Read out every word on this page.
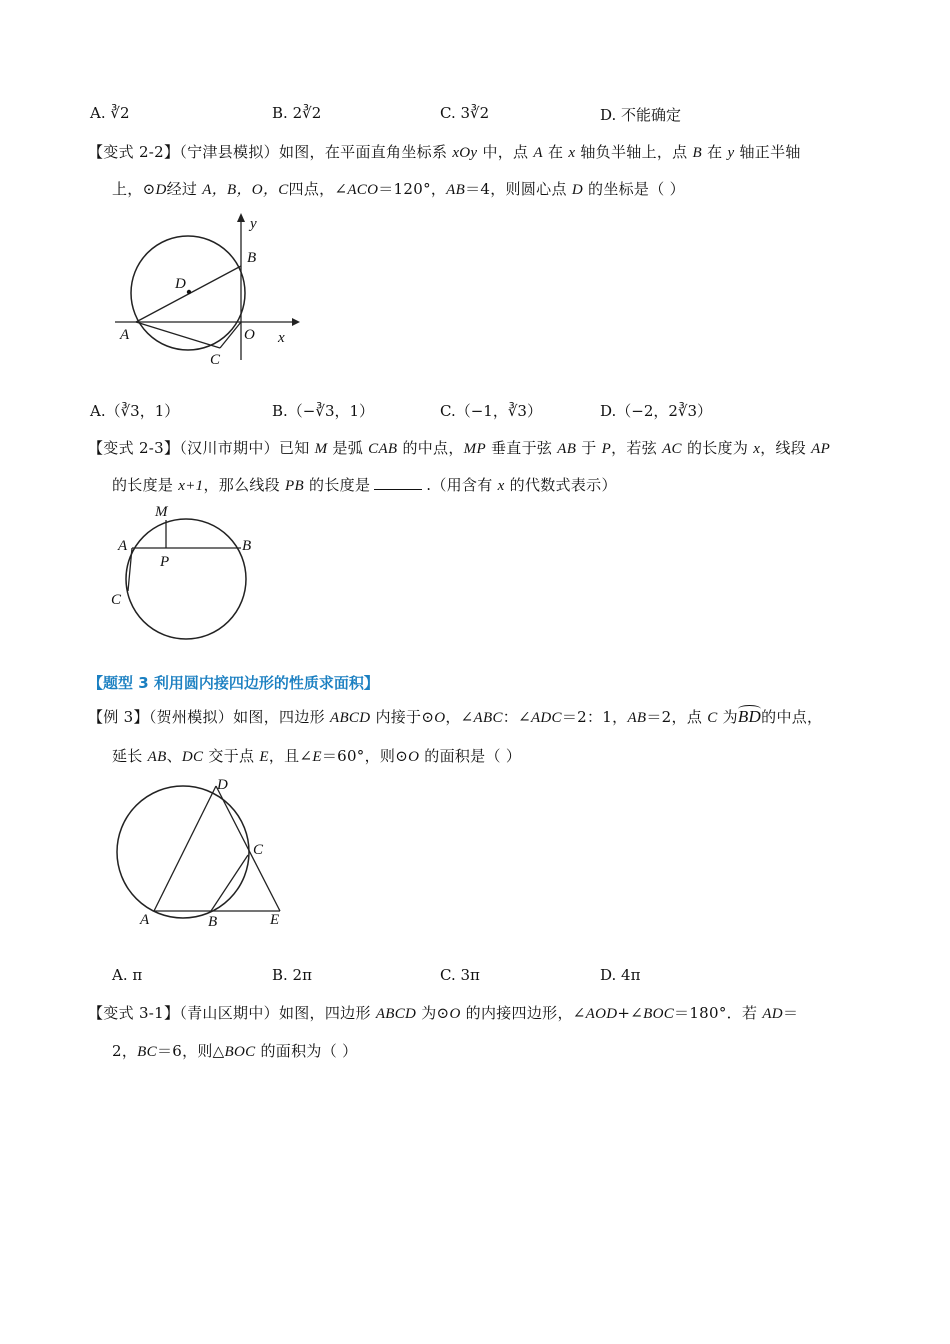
A. ∛2	B. 2∛2	C. 3∛2	D. 不能确定
【变式 2-2】（宁津县模拟）如图，在平面直角坐标系 xOy 中，点 A 在 x 轴负半轴上，点 B 在 y 轴正半轴
上，⊙D经过 A，B，O，C四点，∠ACO＝120°，AB＝4，则圆心点 D 的坐标是（ ）
y
B
D
A	O x
C
A.（∛3，1）	B.（−∛3，1）	C.（−1，∛3）	D.（−2，2∛3）
【变式 2-3】（汉川市期中）已知 M 是弧 CAB 的中点，MP 垂直于弦 AB 于 P，若弦 AC 的长度为 x，线段 AP
的长度是 x+1，那么线段 PB 的长度是	.（用含有 x 的代数式表示）
M
A	B
P
C
【题型 3 利用圆内接四边形的性质求面积】
【例 3】（贺州模拟）如图，四边形 ABCD 内接于⊙O，∠ABC：∠ADC＝2：1，AB＝2，点 C 为BD的中点，
延长 AB、DC 交于点 E，且∠E＝60°，则⊙O 的面积是（ ）
D
C
A	B	E
A. π	B. 2π	C. 3π	D. 4π
【变式 3-1】（青山区期中）如图，四边形 ABCD 为⊙O 的内接四边形，∠AOD+∠BOC＝180°．若 AD＝
2，BC＝6，则△BOC 的面积为（ ）
